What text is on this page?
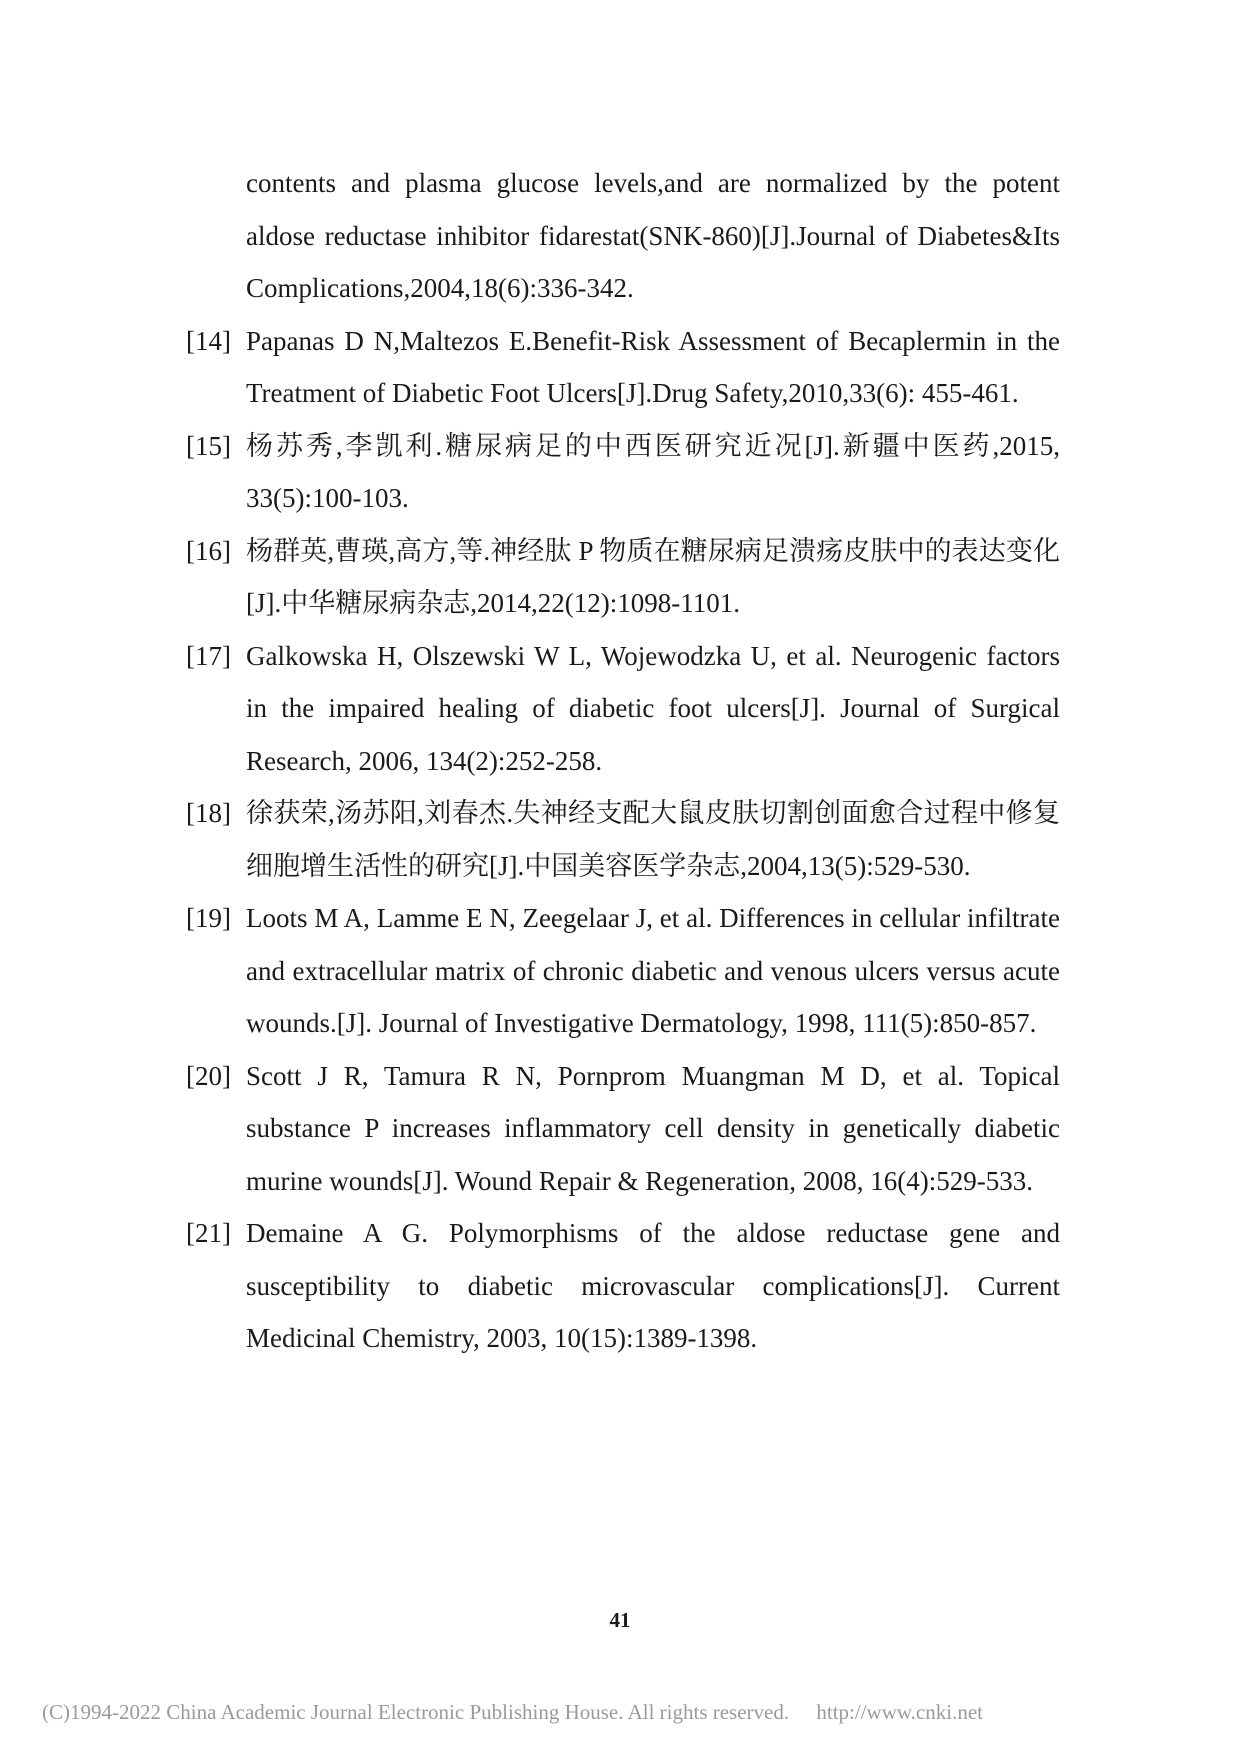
contents and plasma glucose levels,and are normalized by the potent aldose reductase inhibitor fidarestat(SNK-860)[J].Journal of Diabetes&Its Complications,2004,18(6):336-342.
[14] Papanas D N,Maltezos E.Benefit-Risk Assessment of Becaplermin in the Treatment of Diabetic Foot Ulcers[J].Drug Safety,2010,33(6): 455-461.
[15] 杨苏秀,李凯利.糖尿病足的中西医研究近况[J].新疆中医药,2015, 33(5):100-103.
[16] 杨群英,曹瑛,高方,等.神经肽 P 物质在糖尿病足溃疡皮肤中的表达变化[J].中华糖尿病杂志,2014,22(12):1098-1101.
[17] Galkowska H, Olszewski W L, Wojewodzka U, et al. Neurogenic factors in the impaired healing of diabetic foot ulcers[J]. Journal of Surgical Research, 2006, 134(2):252-258.
[18] 徐获荣,汤苏阳,刘春杰.失神经支配大鼠皮肤切割创面愈合过程中修复细胞增生活性的研究[J].中国美容医学杂志,2004,13(5):529-530.
[19] Loots M A, Lamme E N, Zeegelaar J, et al. Differences in cellular infiltrate and extracellular matrix of chronic diabetic and venous ulcers versus acute wounds.[J]. Journal of Investigative Dermatology, 1998, 111(5):850-857.
[20] Scott J R, Tamura R N, Pornprom Muangman M D, et al. Topical substance P increases inflammatory cell density in genetically diabetic murine wounds[J]. Wound Repair & Regeneration, 2008, 16(4):529-533.
[21] Demaine A G. Polymorphisms of the aldose reductase gene and susceptibility to diabetic microvascular complications[J]. Current Medicinal Chemistry, 2003, 10(15):1389-1398.
41
(C)1994-2022 China Academic Journal Electronic Publishing House. All rights reserved. http://www.cnki.net
